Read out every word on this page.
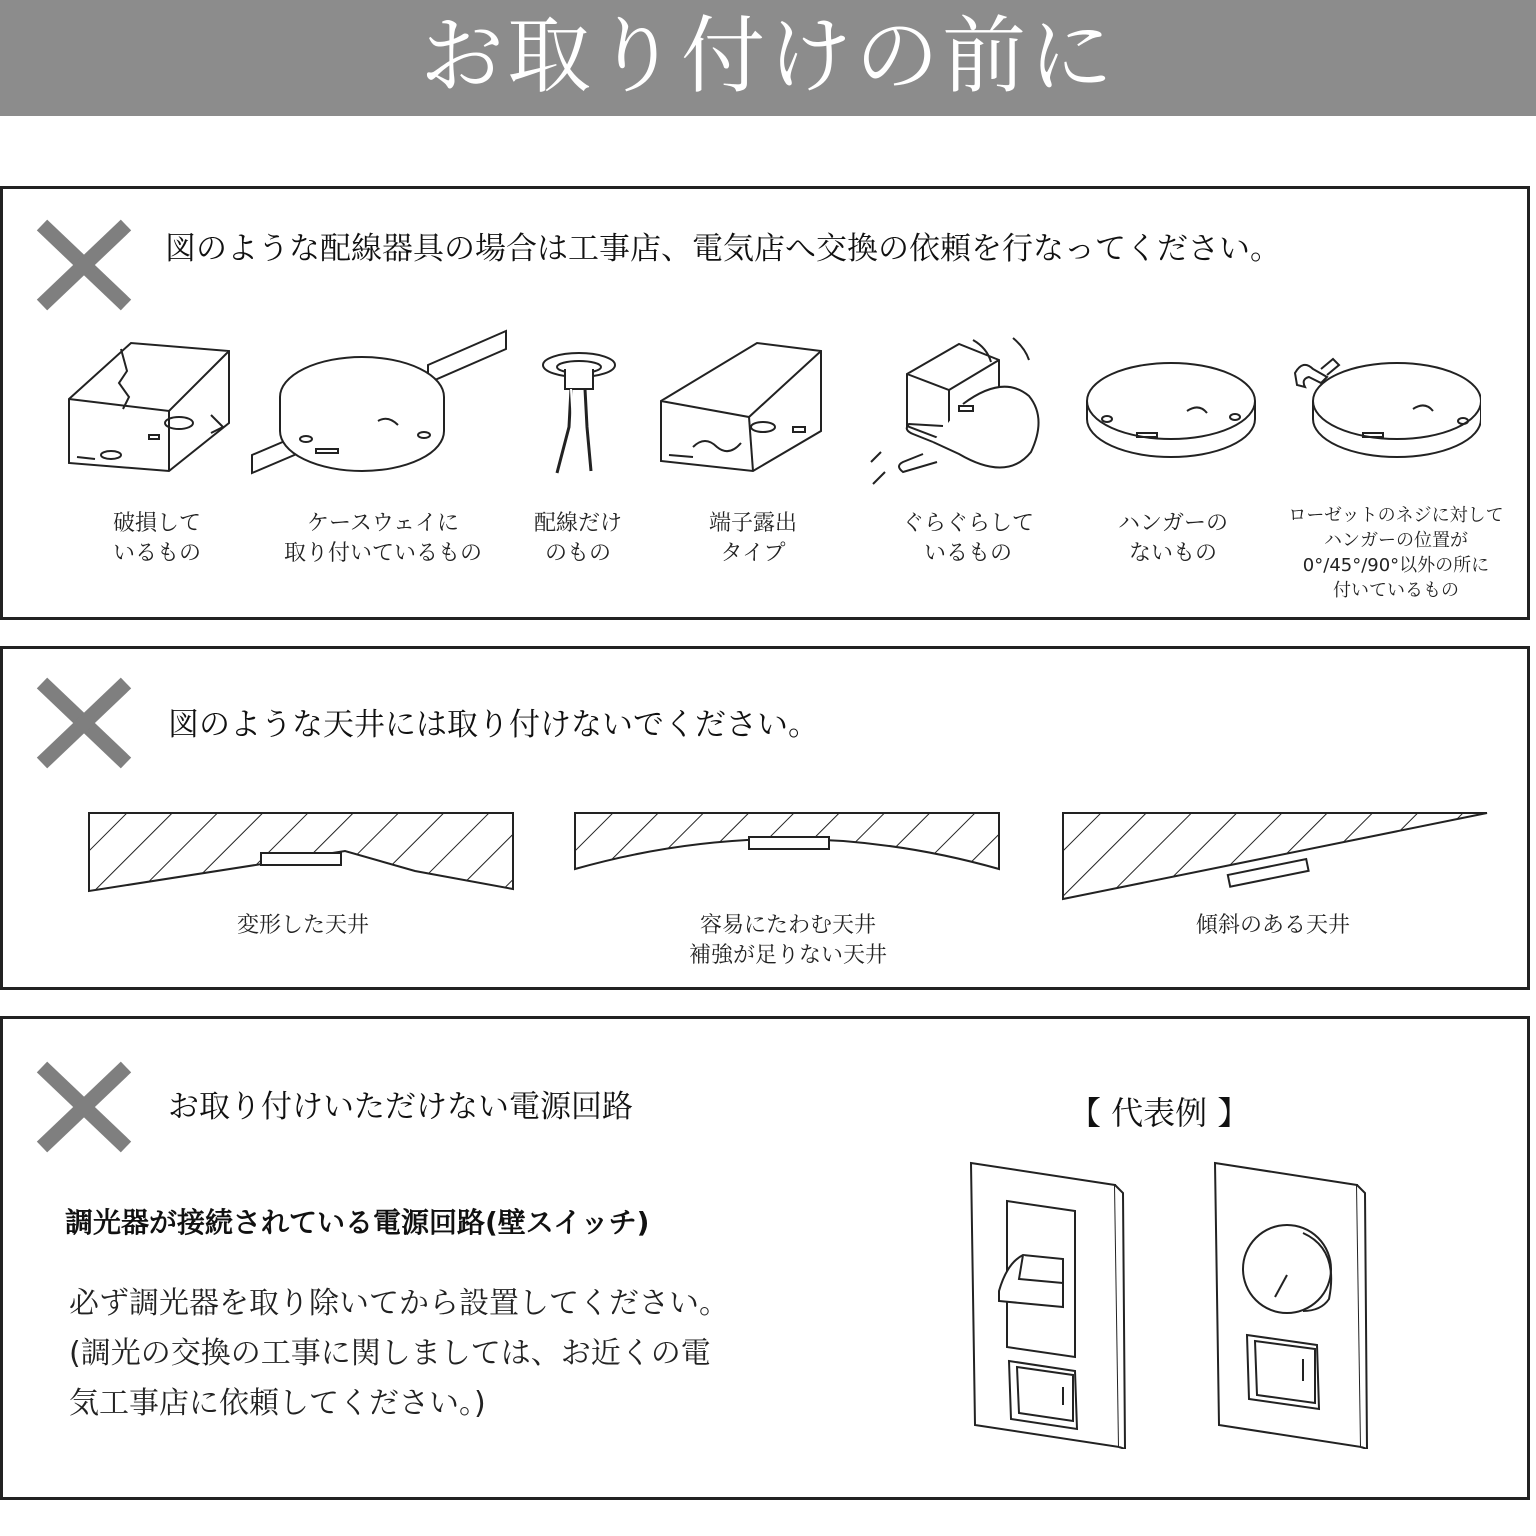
お取り付けの前に
図のような配線器具の場合は工事店、電気店へ交換の依頼を行なってください。
破損して
いるもの
ケースウェイに
取り付いているもの
配線だけ
のもの
端子露出
タイプ
ぐらぐらして
いるもの
ハンガーの
ないもの
ローゼットのネジに対して
ハンガーの位置が
0°/45°/90°以外の所に
付いているもの
図のような天井には取り付けないでください。
変形した天井	容易にたわむ天井
補強が足りない天井
傾斜のある天井
お取り付けいただけない電源回路	【 代表例 】
調光器が接続されている電源回路(壁スイッチ)
必ず調光器を取り除いてから設置してください。
(調光の交換の工事に関しましては、お近くの電
気工事店に依頼してください。)
